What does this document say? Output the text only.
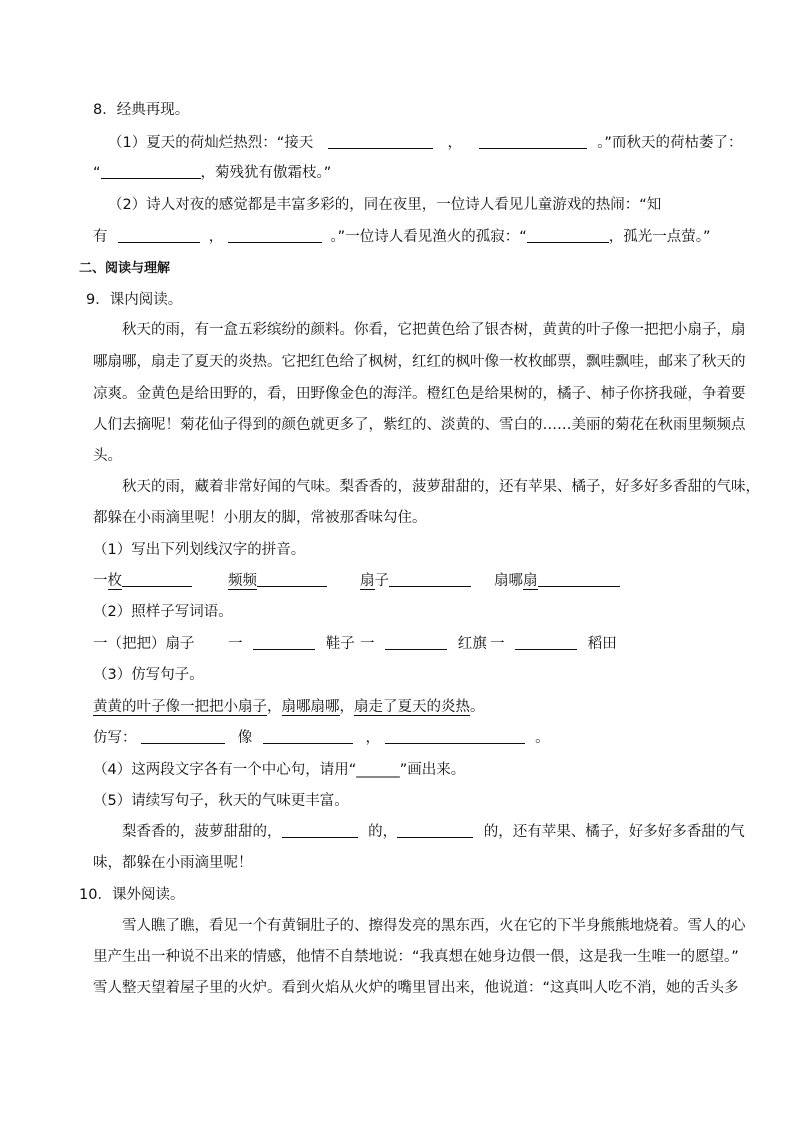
8．经典再现。
（1）夏天的荷灿烂热烈：“接天	，	。”而秋天的荷枯萎了：
“	，菊残犹有傲霜枝。”
（2）诗人对夜的感觉都是丰富多彩的，同在夜里，一位诗人看见儿童游戏的热闹：“知
有	，	。”一位诗人看见渔火的孤寂：“	，孤光一点萤。”
二、阅读与理解
9．课内阅读。
秋天的雨，有一盒五彩缤纷的颜料。你看，它把黄色给了银杏树，黄黄的叶子像一把把小扇子，扇
哪扇哪，扇走了夏天的炎热。它把红色给了枫树，红红的枫叶像一枚枚邮票，飘哇飘哇，邮来了秋天的
凉爽。金黄色是给田野的，看，田野像金色的海洋。橙红色是给果树的，橘子、柿子你挤我碰，争着要
人们去摘呢！菊花仙子得到的颜色就更多了，紫红的、淡黄的、雪白的……美丽的菊花在秋雨里频频点
头。
秋天的雨，藏着非常好闻的气味。梨香香的，菠萝甜甜的，还有苹果、橘子，好多好多香甜的气味，
都躲在小雨滴里呢！小朋友的脚，常被那香味勾住。
（1）写出下列划线汉字的拼音。
一枚	频频	扇子	扇哪扇
（2）照样子写词语。
一（把把）扇子 一	鞋子 一	红旗 一	稻田
（3）仿写句子。
黄黄的叶子像一把把小扇子，扇哪扇哪，扇走了夏天的炎热。
仿写：	像	，	。
（4）这两段文字各有一个中心句，请用“______”画出来。
（5）请续写句子，秋天的气味更丰富。
梨香香的，菠萝甜甜的，	的，	的，还有苹果、橘子，好多好多香甜的气
味，都躲在小雨滴里呢！
10．课外阅读。
雪人瞧了瞧，看见一个有黄铜肚子的、擦得发亮的黑东西，火在它的下半身熊熊地烧着。雪人的心
里产生出一种说不出来的情感，他情不自禁地说：“我真想在她身边偎一偎，这是我一生唯一的愿望。”
雪人整天望着屋子里的火炉。看到火焰从火炉的嘴里冒出来，他说道：“这真叫人吃不消，她的舌头多
